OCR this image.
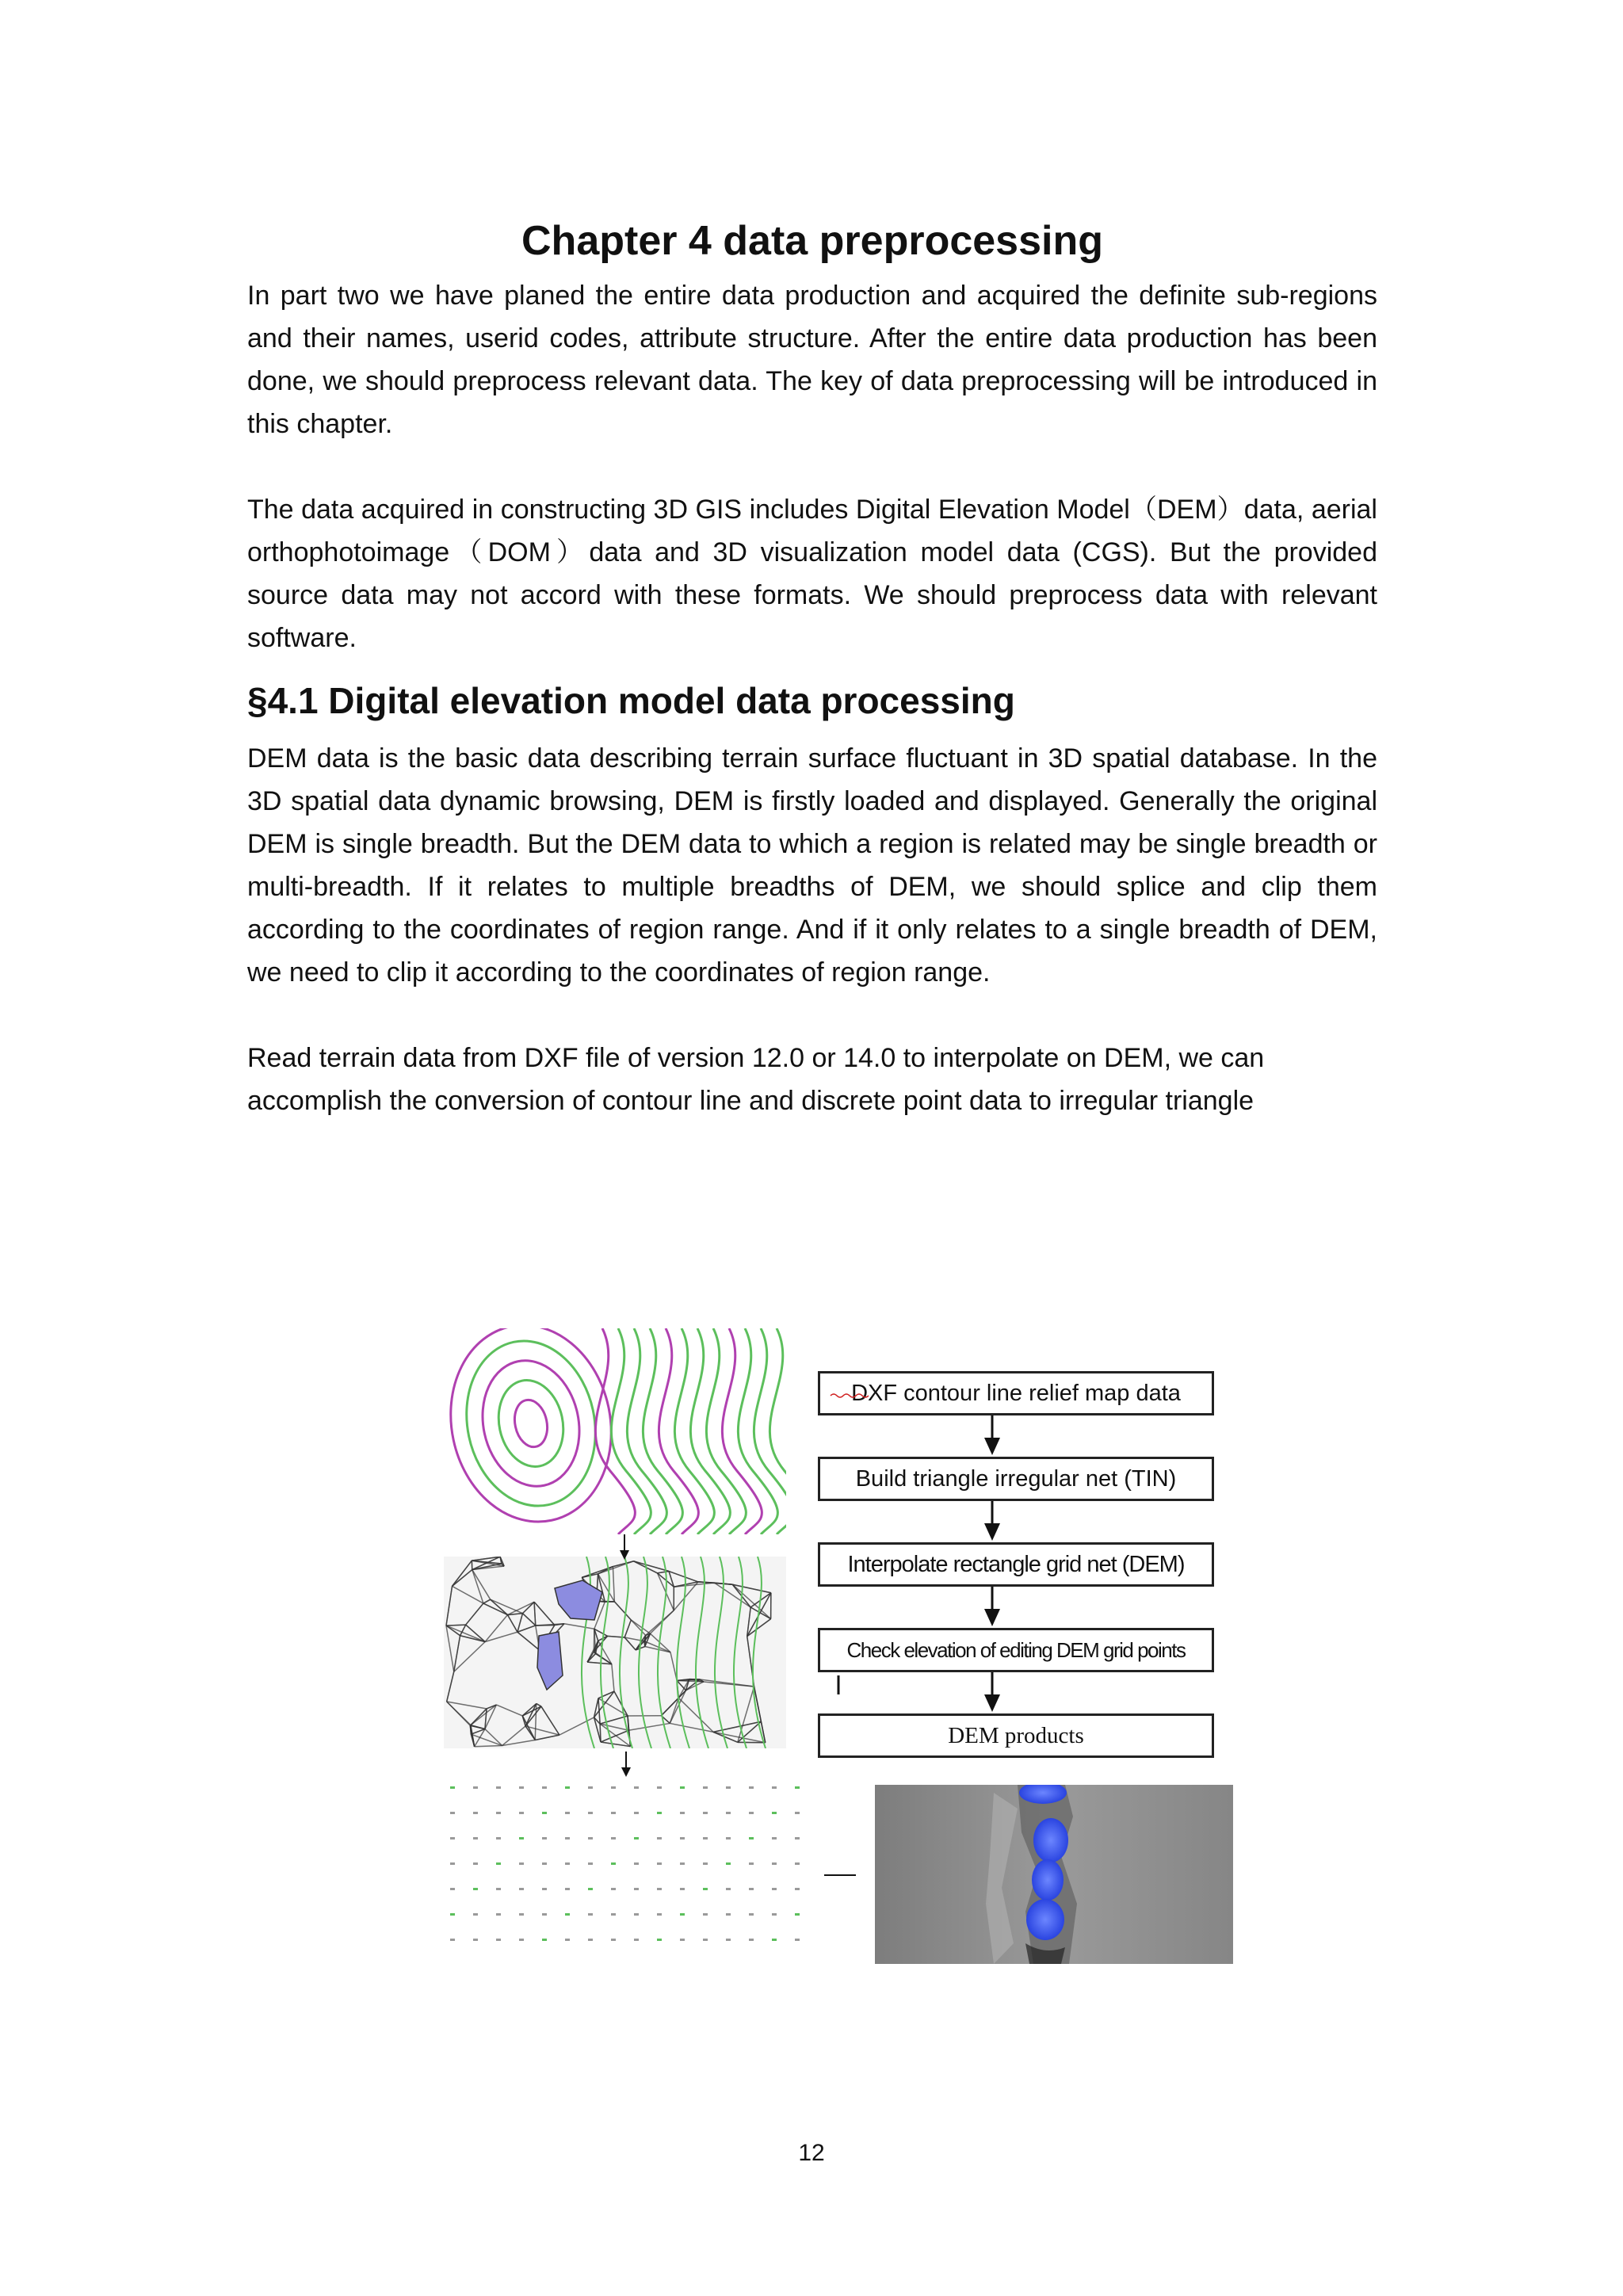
Chapter 4 data preprocessing

In part two we have planed the entire data production and acquired the definite sub-regions and their names, userid codes, attribute structure. After the entire data production has been done, we should preprocess relevant data. The key of data preprocessing will be introduced in this chapter.

The data acquired in constructing 3D GIS includes Digital Elevation Model（DEM）data, aerial orthophotoimage（DOM）data and 3D visualization model data (CGS). But the provided source data may not accord with these formats. We should preprocess data with relevant software.

§4.1 Digital elevation model data processing

DEM data is the basic data describing terrain surface fluctuant in 3D spatial database. In the 3D spatial data dynamic browsing, DEM is firstly loaded and displayed. Generally the original DEM is single breadth. But the DEM data to which a region is related may be single breadth or multi-breadth. If it relates to multiple breadths of DEM, we should splice and clip them according to the coordinates of region range. And if it only relates to a single breadth of DEM, we need to clip it according to the coordinates of region range.

Read terrain data from DXF file of version 12.0 or 14.0 to interpolate on DEM, we can accomplish the conversion of contour line and discrete point data to irregular triangle

DXF contour line relief map data
Build triangle irregular net (TIN)
Interpolate rectangle grid net (DEM)
Check elevation of editing DEM grid points
DEM products
12
